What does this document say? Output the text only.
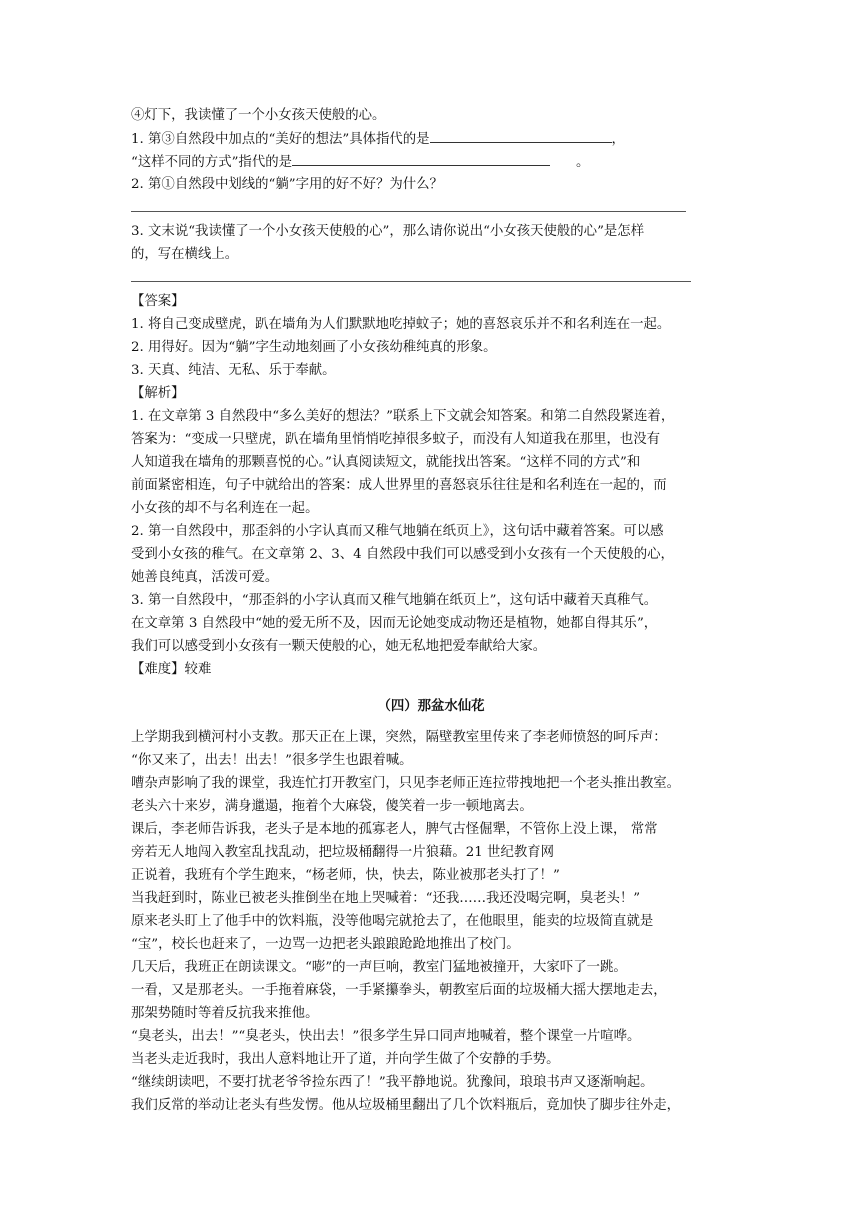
④灯下，我读懂了一个小女孩天使般的心。
1. 第③自然段中加点的“美好的想法”具体指代的是	，
“这样不同的方式”指代的是	。
2. 第①自然段中划线的“躺”字用的好不好？为什么？
3. 文末说“我读懂了一个小女孩天使般的心”，那么请你说出“小女孩天使般的心”是怎样
的，写在横线上。
【答案】
1. 将自己变成壁虎，趴在墙角为人们默默地吃掉蚊子；她的喜怒哀乐并不和名利连在一起。
2. 用得好。因为“躺”字生动地刻画了小女孩幼稚纯真的形象。
3. 天真、纯洁、无私、乐于奉献。
【解析】
1. 在文章第 3 自然段中“多么美好的想法？”联系上下文就会知答案。和第二自然段紧连着，
答案为：“变成一只壁虎，趴在墙角里悄悄吃掉很多蚊子，而没有人知道我在那里，也没有
人知道我在墙角的那颗喜悦的心。”认真阅读短文，就能找出答案。“这样不同的方式”和
前面紧密相连，句子中就给出的答案：成人世界里的喜怒哀乐往往是和名利连在一起的，而
小女孩的却不与名利连在一起。
2. 第一自然段中，那歪斜的小字认真而又稚气地躺在纸页上》，这句话中藏着答案。可以感
受到小女孩的稚气。在文章第 2、3、4 自然段中我们可以感受到小女孩有一个天使般的心，
她善良纯真，活泼可爱。
3. 第一自然段中，“那歪斜的小字认真而又稚气地躺在纸页上”，这句话中藏着天真稚气。
在文章第 3 自然段中“她的爱无所不及，因而无论她变成动物还是植物，她都自得其乐”，
我们可以感受到小女孩有一颗天使般的心，她无私地把爱奉献给大家。
【难度】较难
（四）那盆水仙花
上学期我到横河村小支教。那天正在上课，突然，隔壁教室里传来了李老师愤怒的呵斥声：
“你又来了，出去！出去！”很多学生也跟着喊。
嘈杂声影响了我的课堂，我连忙打开教室门，只见李老师正连拉带拽地把一个老头推出教室。
老头六十来岁，满身邋遢，拖着个大麻袋，傻笑着一步一顿地离去。
课后，李老师告诉我，老头子是本地的孤寡老人，脾气古怪倔犟，不管你上没上课， 常常
旁若无人地闯入教室乱找乱动，把垃圾桶翻得一片狼藉。21 世纪教育网
正说着，我班有个学生跑来，“杨老师，快，快去，陈业被那老头打了！”
当我赶到时，陈业已被老头推倒坐在地上哭喊着：“还我……我还没喝完啊，臭老头！”
原来老头盯上了他手中的饮料瓶，没等他喝完就抢去了，在他眼里，能卖的垃圾简直就是
“宝”，校长也赶来了，一边骂一边把老头踉踉跄跄地推出了校门。
几天后，我班正在朗读课文。“嘭”的一声巨响，教室门猛地被撞开，大家吓了一跳。
一看，又是那老头。一手拖着麻袋，一手紧攥拳头，朝教室后面的垃圾桶大摇大摆地走去，
那架势随时等着反抗我来推他。
“臭老头，出去！”“臭老头，快出去！”很多学生异口同声地喊着，整个课堂一片喧哗。
当老头走近我时，我出人意料地让开了道，并向学生做了个安静的手势。
“继续朗读吧，不要打扰老爷爷捡东西了！”我平静地说。犹豫间，琅琅书声又逐渐响起。
我们反常的举动让老头有些发愣。他从垃圾桶里翻出了几个饮料瓶后，竟加快了脚步往外走，
